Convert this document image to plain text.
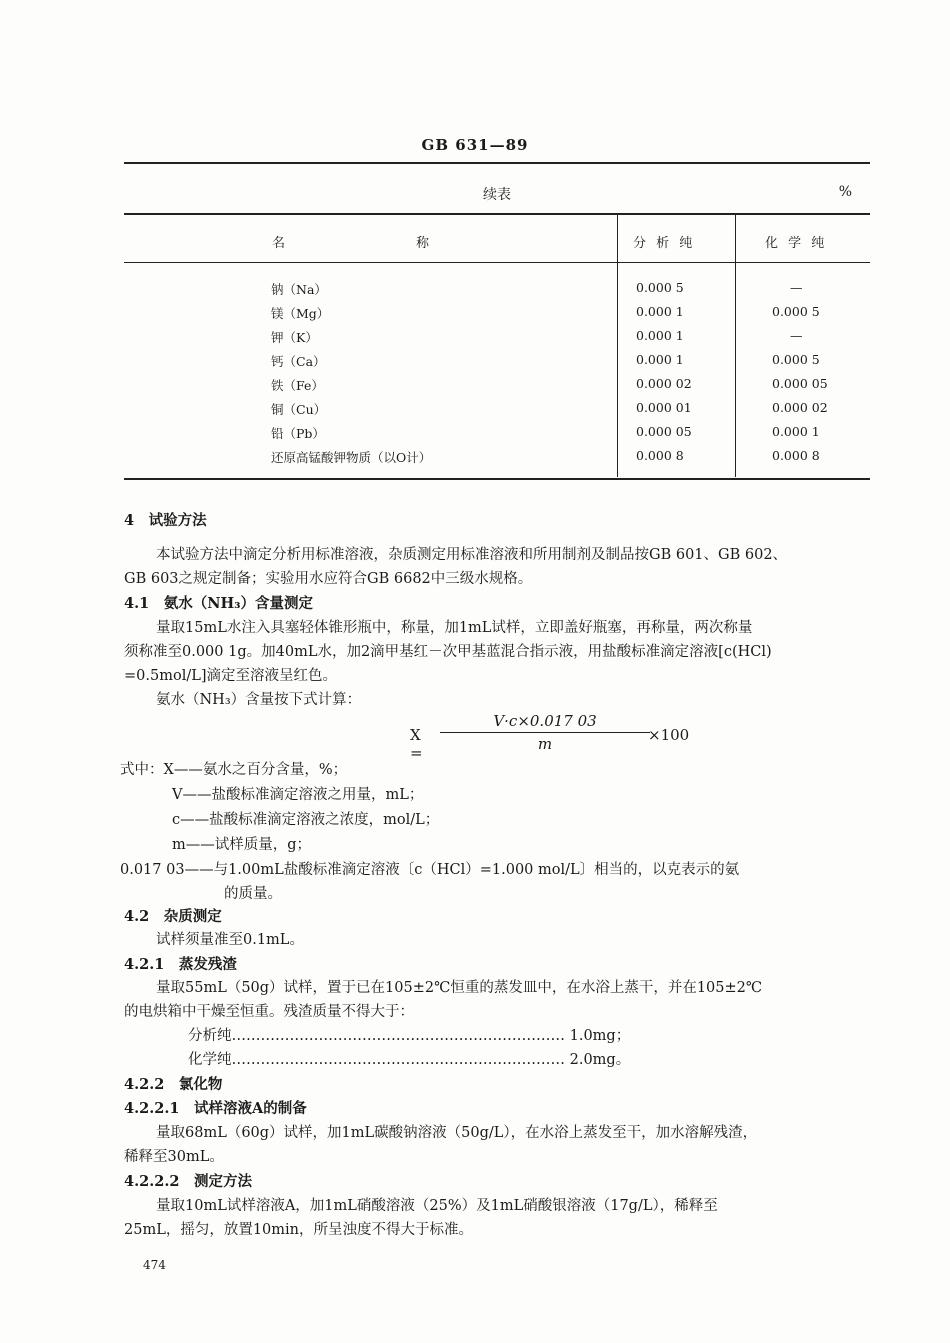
GB 631—89
续表	%
名　　　　　　　　称	分 析 纯	化 学 纯
钠（Na）	0.000 5	—
镁（Mg）	0.000 1	0.000 5
钾（K）	0.000 1	—
钙（Ca）	0.000 1	0.000 5
铁（Fe）	0.000 02	0.000 05
铜（Cu）	0.000 01	0.000 02
铅（Pb）	0.000 05	0.000 1
还原高锰酸钾物质（以O计）	0.000 8	0.000 8
4　试验方法
本试验方法中滴定分析用标准溶液，杂质测定用标准溶液和所用制剂及制品按GB 601、GB 602、
GB 603之规定制备；实验用水应符合GB 6682中三级水规格。
4.1　氨水（NH₃）含量测定
量取15mL水注入具塞轻体锥形瓶中，称量，加1mL试样，立即盖好瓶塞，再称量，两次称量
须称准至0.000 1g。加40mL水，加2滴甲基红－次甲基蓝混合指示液，用盐酸标准滴定溶液[c(HCl)
=0.5mol/L]滴定至溶液呈红色。
氨水（NH₃）含量按下式计算：
X =
V·c×0.017 03
m	×100
式中：X——氨水之百分含量，%；
V——盐酸标准滴定溶液之用量，mL；
c——盐酸标准滴定溶液之浓度，mol/L；
m——试样质量，g；
0.017 03——与1.00mL盐酸标准滴定溶液〔c（HCl）=1.000 mol/L〕相当的，以克表示的氨
的质量。
4.2　杂质测定
试样须量准至0.1mL。
4.2.1　蒸发残渣
量取55mL（50g）试样，置于已在105±2℃恒重的蒸发皿中，在水浴上蒸干，并在105±2℃
的电烘箱中干燥至恒重。残渣质量不得大于：
分析纯…………………………………………………………… 1.0mg；
化学纯…………………………………………………………… 2.0mg。
4.2.2　氯化物
4.2.2.1　试样溶液A的制备
量取68mL（60g）试样，加1mL碳酸钠溶液（50g/L），在水浴上蒸发至干，加水溶解残渣，
稀释至30mL。
4.2.2.2　测定方法
量取10mL试样溶液A，加1mL硝酸溶液（25%）及1mL硝酸银溶液（17g/L），稀释至
25mL，摇匀，放置10min，所呈浊度不得大于标准。
474
